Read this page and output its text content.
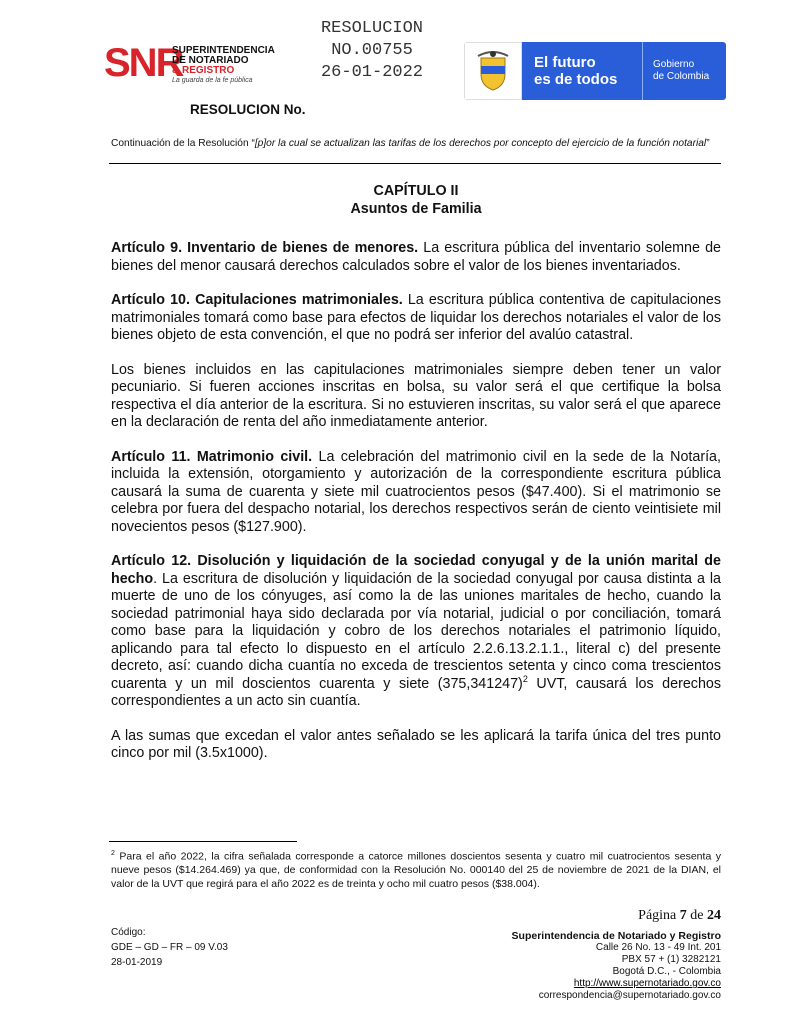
RESOLUCION
NO.00755
26-01-2022
SNR
SUPERINTENDENCIA
DE NOTARIADO
& REGISTRO
La guarda de la fe pública
RESOLUCION No.
El futuro
es de todos
Gobierno
de Colombia
Continuación de la Resolución “[p]or la cual se actualizan las tarifas de los derechos por concepto del ejercicio de la función notarial”
CAPÍTULO II
Asuntos de Familia

Artículo 9. Inventario de bienes de menores. La escritura pública del inventario solemne de bienes del menor causará derechos calculados sobre el valor de los bienes inventariados.

Artículo 10. Capitulaciones matrimoniales. La escritura pública contentiva de capitulaciones matrimoniales tomará como base para efectos de liquidar los derechos notariales el valor de los bienes objeto de esta convención, el que no podrá ser inferior del avalúo catastral.

Los bienes incluidos en las capitulaciones matrimoniales siempre deben tener un valor pecuniario. Si fueren acciones inscritas en bolsa, su valor será el que certifique la bolsa respectiva el día anterior de la escritura. Si no estuvieren inscritas, su valor será el que aparece en la declaración de renta del año inmediatamente anterior.

Artículo 11. Matrimonio civil. La celebración del matrimonio civil en la sede de la Notaría, incluida la extensión, otorgamiento y autorización de la correspondiente escritura pública causará la suma de cuarenta y siete mil cuatrocientos pesos ($47.400). Si el matrimonio se celebra por fuera del despacho notarial, los derechos respectivos serán de ciento veintisiete mil novecientos pesos ($127.900).

Artículo 12. Disolución y liquidación de la sociedad conyugal y de la unión marital de hecho. La escritura de disolución y liquidación de la sociedad conyugal por causa distinta a la muerte de uno de los cónyuges, así como la de las uniones maritales de hecho, cuando la sociedad patrimonial haya sido declarada por vía notarial, judicial o por conciliación, tomará como base para la liquidación y cobro de los derechos notariales el patrimonio líquido, aplicando para tal efecto lo dispuesto en el artículo 2.2.6.13.2.1.1., literal c) del presente decreto, así: cuando dicha cuantía no exceda de trescientos setenta y cinco coma trescientos cuarenta y un mil doscientos cuarenta y siete $(375,341247)^2$ UVT, causará los derechos correspondientes a un acto sin cuantía.

A las sumas que excedan el valor antes señalado se les aplicará la tarifa única del tres punto cinco por mil (3.5x1000).

$^2$ Para el año 2022, la cifra señalada corresponde a catorce millones doscientos sesenta y cuatro mil cuatrocientos sesenta y nueve pesos ($14.264.469) ya que, de conformidad con la Resolución No. 000140 del 25 de noviembre de 2021 de la DIAN, el valor de la UVT que regirá para el año 2022 es de treinta y ocho mil cuatro pesos ($38.004).
Código:
GDE – GD – FR – 09 V.03
28-01-2019
Página 7 de 24
Superintendencia de Notariado y Registro
Calle 26 No. 13 - 49 Int. 201
PBX 57 + (1) 3282121
Bogotá D.C., - Colombia
http://www.supernotariado.gov.co
correspondencia@supernotariado.gov.co
